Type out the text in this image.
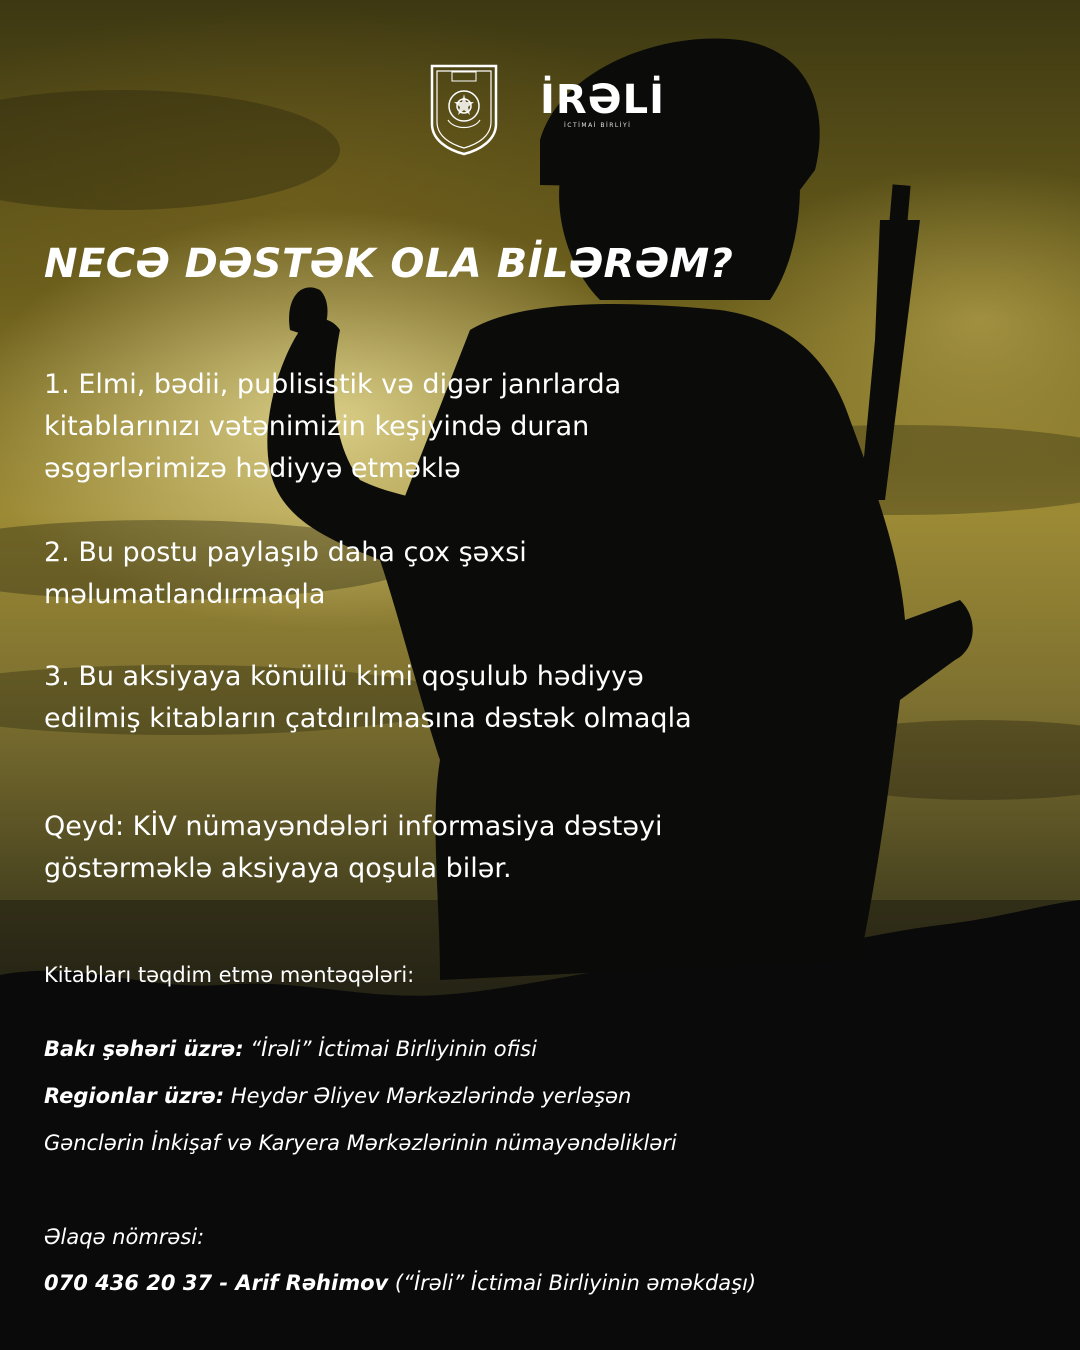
İRƏLİ
İCTİMAİ BİRLİYİ
NECƏ DƏSTƏK OLA BİLƏRƏM?
1. Elmi, bədii, publisistik və digər janrlarda
kitablarınızı vətənimizin keşiyində duran
əsgərlərimizə hədiyyə etməklə
2. Bu postu paylaşıb daha çox şəxsi
məlumatlandırmaqla
3. Bu aksiyaya könüllü kimi qoşulub hədiyyə
edilmiş kitabların çatdırılmasına dəstək olmaqla
Qeyd: KİV nümayəndələri informasiya dəstəyi
göstərməklə aksiyaya qoşula bilər.
Kitabları təqdim etmə məntəqələri:
Bakı şəhəri üzrə: “İrəli” İctimai Birliyinin ofisi
Regionlar üzrə: Heydər Əliyev Mərkəzlərində yerləşən
Gənclərin İnkişaf və Karyera Mərkəzlərinin nümayəndəlikləri
Əlaqə nömrəsi:
070 436 20 37 - Arif Rəhimov (“İrəli” İctimai Birliyinin əməkdaşı)
